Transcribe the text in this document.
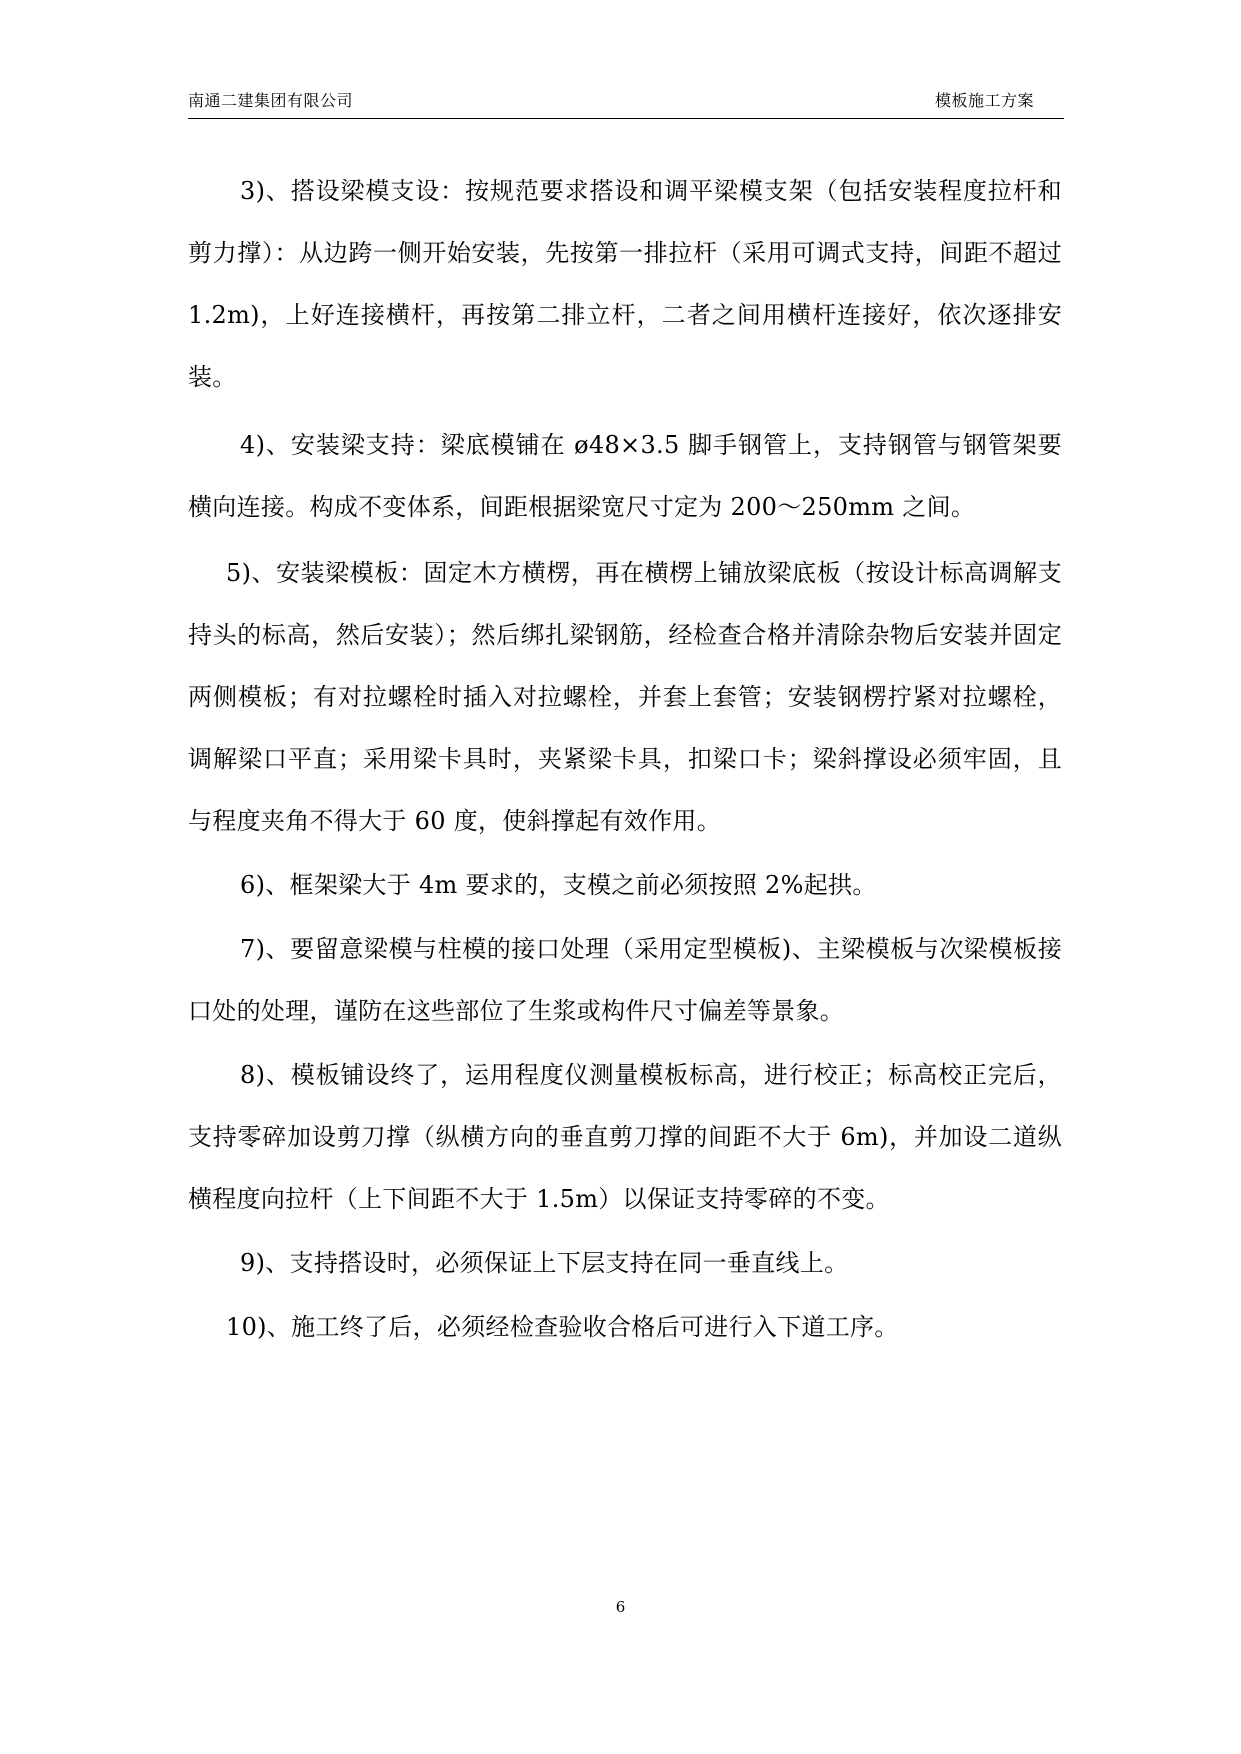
南通二建集团有限公司	模板施工方案

3)、搭设梁模支设：按规范要求搭设和调平梁模支架（包括安装程度拉杆和剪力撑）：从边跨一侧开始安装，先按第一排拉杆（采用可调式支持，间距不超过 1.2m)，上好连接横杆，再按第二排立杆，二者之间用横杆连接好，依次逐排安装。

4)、安装梁支持：梁底模铺在 ø48×3.5 脚手钢管上，支持钢管与钢管架要横向连接。构成不变体系，间距根据梁宽尺寸定为 200～250mm 之间。

5)、安装梁模板：固定木方横楞，再在横楞上铺放梁底板（按设计标高调解支持头的标高，然后安装）；然后绑扎梁钢筋，经检查合格并清除杂物后安装并固定两侧模板；有对拉螺栓时插入对拉螺栓，并套上套管；安装钢楞拧紧对拉螺栓，调解梁口平直；采用梁卡具时，夹紧梁卡具，扣梁口卡；梁斜撑设必须牢固，且与程度夹角不得大于 60 度，使斜撑起有效作用。

6)、框架梁大于 4m 要求的，支模之前必须按照 2%起拱。

7)、要留意梁模与柱模的接口处理（采用定型模板)、主梁模板与次梁模板接口处的处理，谨防在这些部位了生浆或构件尺寸偏差等景象。

8)、模板铺设终了，运用程度仪测量模板标高，进行校正；标高校正完后，支持零碎加设剪刀撑（纵横方向的垂直剪刀撑的间距不大于 6m)，并加设二道纵横程度向拉杆（上下间距不大于 1.5m）以保证支持零碎的不变。

9)、支持搭设时，必须保证上下层支持在同一垂直线上。

10)、施工终了后，必须经检查验收合格后可进行入下道工序。

6
